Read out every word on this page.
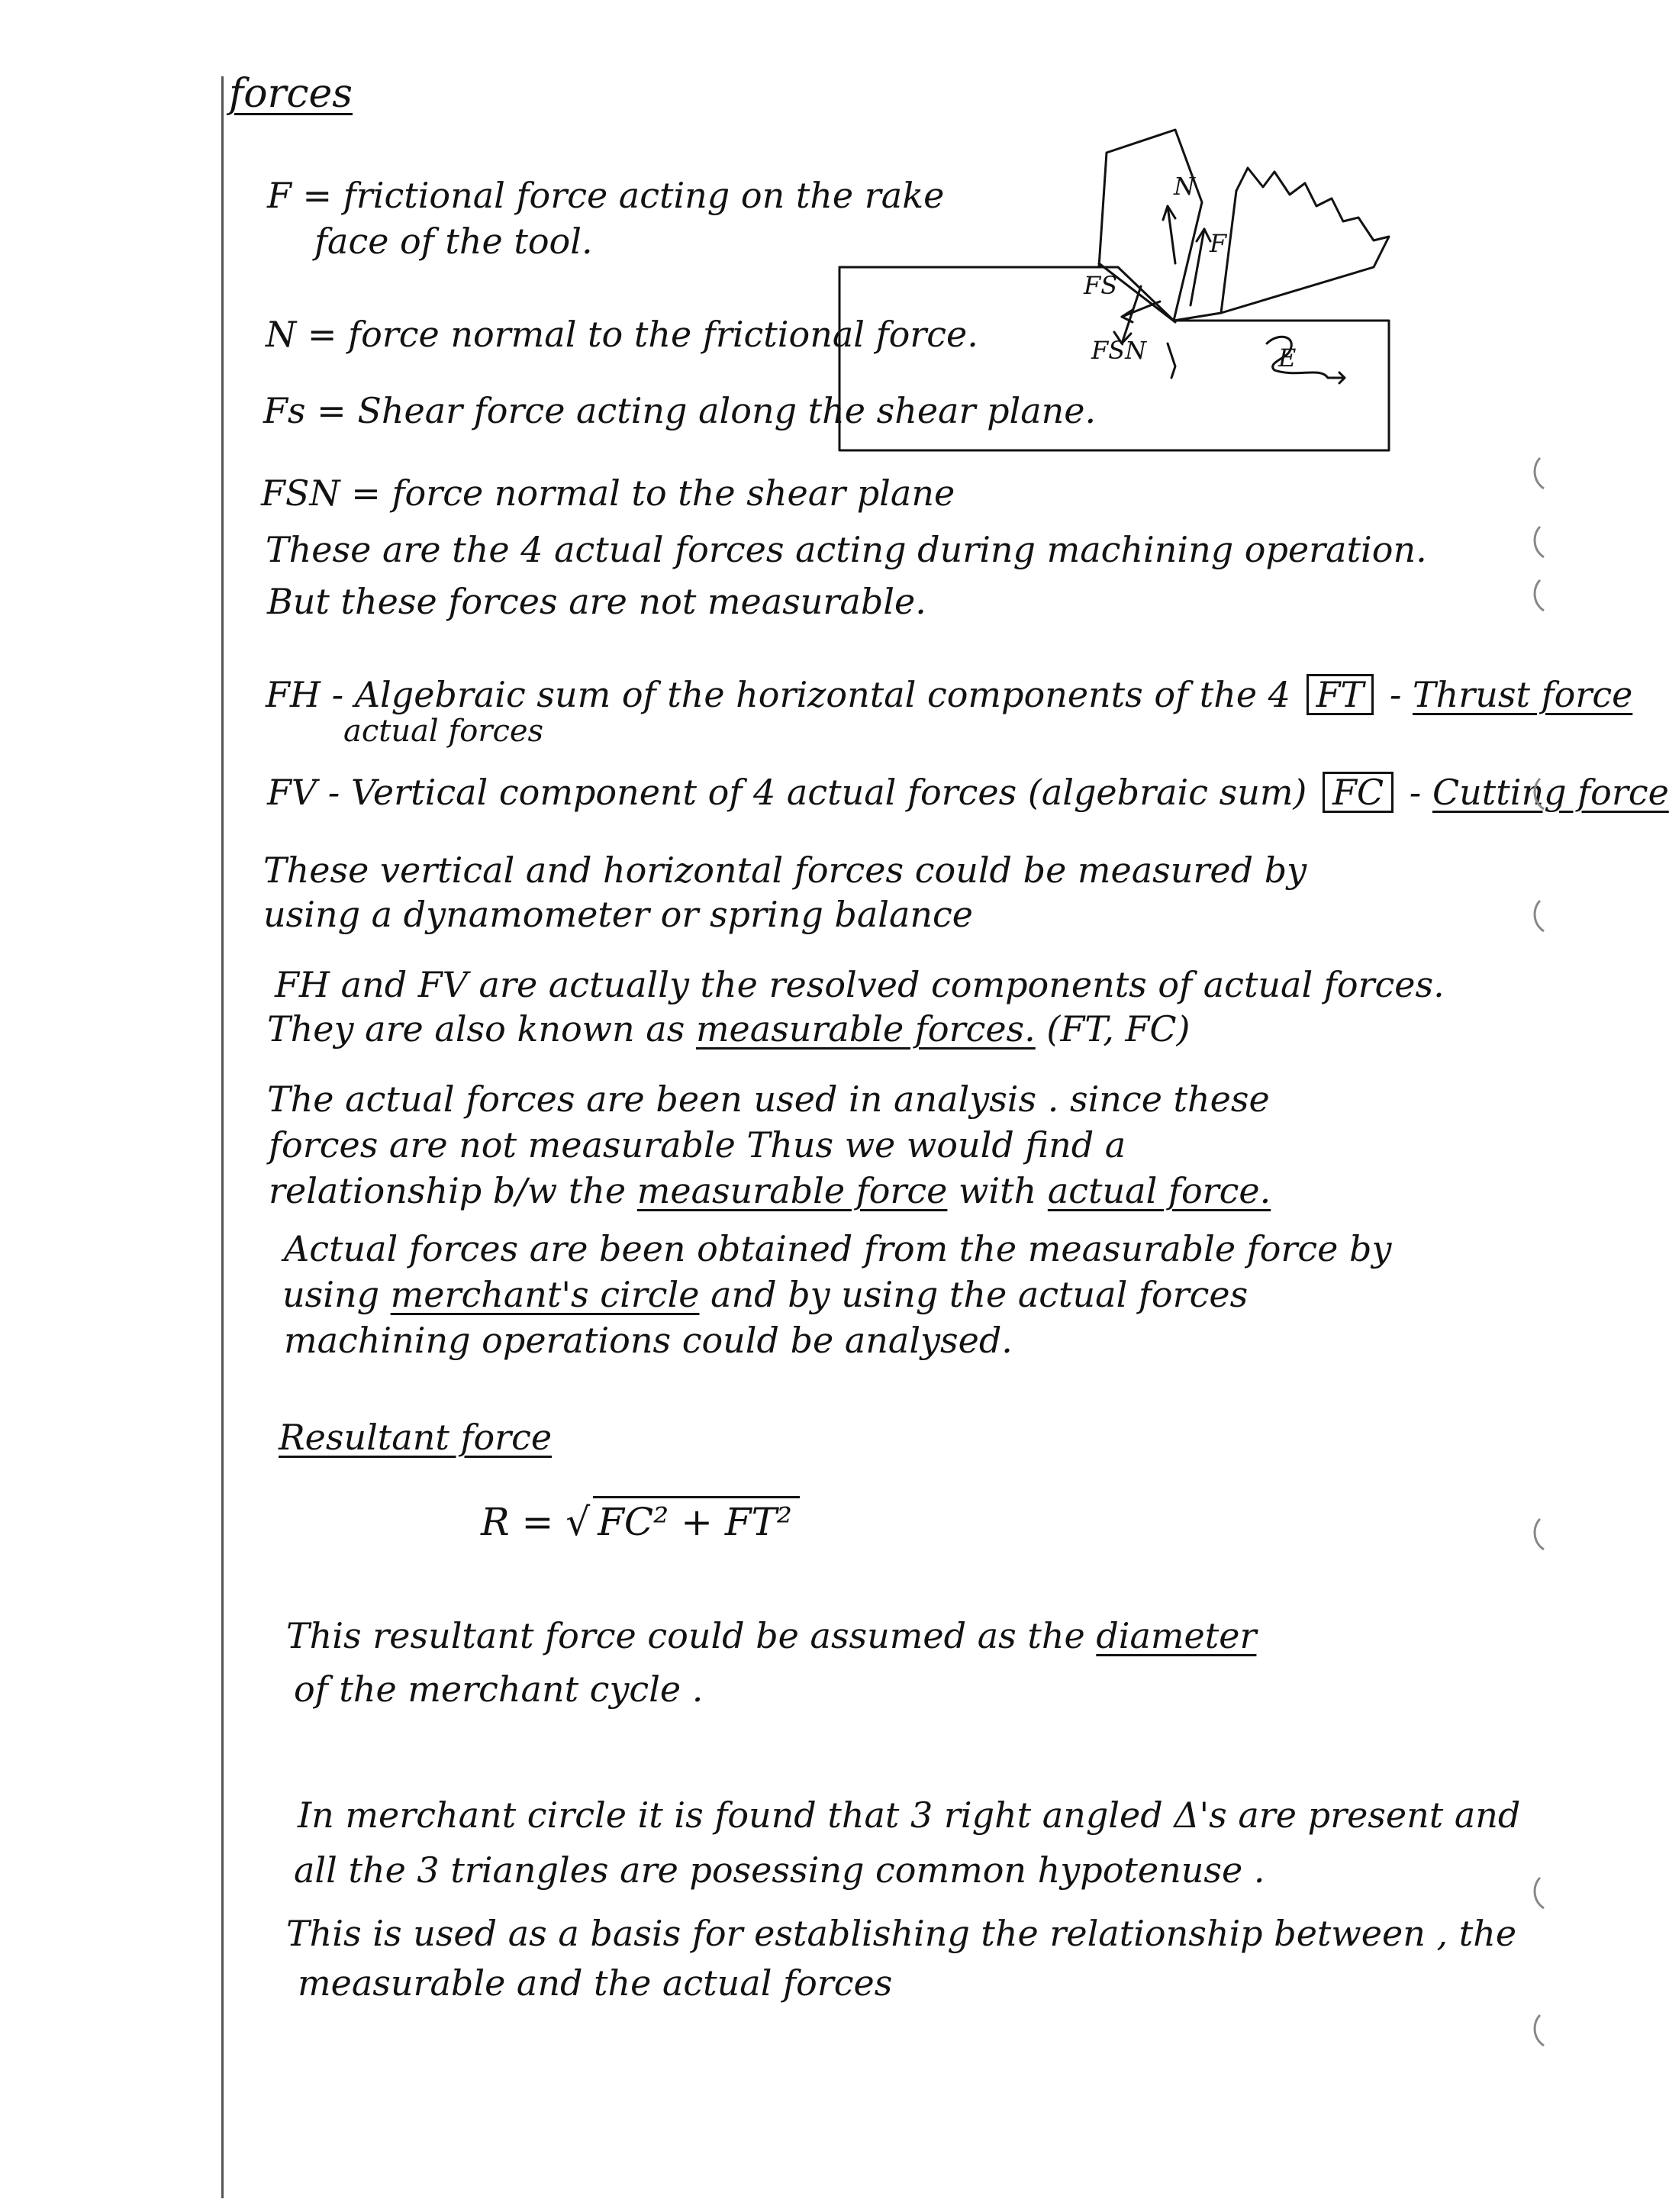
forces
F = frictional force acting on the rake
face of the tool.
N = force normal to the frictional force.
Fs = Shear force acting along the shear plane.
FSN = force normal to the shear plane
N
F
FS
FSN	E
These are the 4 actual forces acting during machining operation.
But these forces are not measurable.
FH - Algebraic sum of the horizontal components of the 4 FT - Thrust force
actual forces
FV - Vertical component of 4 actual forces (algebraic sum) FC - Cutting force
These vertical and horizontal forces could be measured by
using a dynamometer or spring balance
FH and FV are actually the resolved components of actual forces.
They are also known as measurable forces. (FT, FC)
The actual forces are been used in analysis . since these
forces are not measurable Thus we would find a
relationship b/w the measurable force with actual force.
Actual forces are been obtained from the measurable force by
using merchant's circle and by using the actual forces
machining operations could be analysed.
Resultant force
R = √ FC² + FT²
This resultant force could be assumed as the diameter
of the merchant cycle .
In merchant circle it is found that 3 right angled Δ's are present and
all the 3 triangles are posessing common hypotenuse .
This is used as a basis for establishing the relationship between , the
measurable and the actual forces
